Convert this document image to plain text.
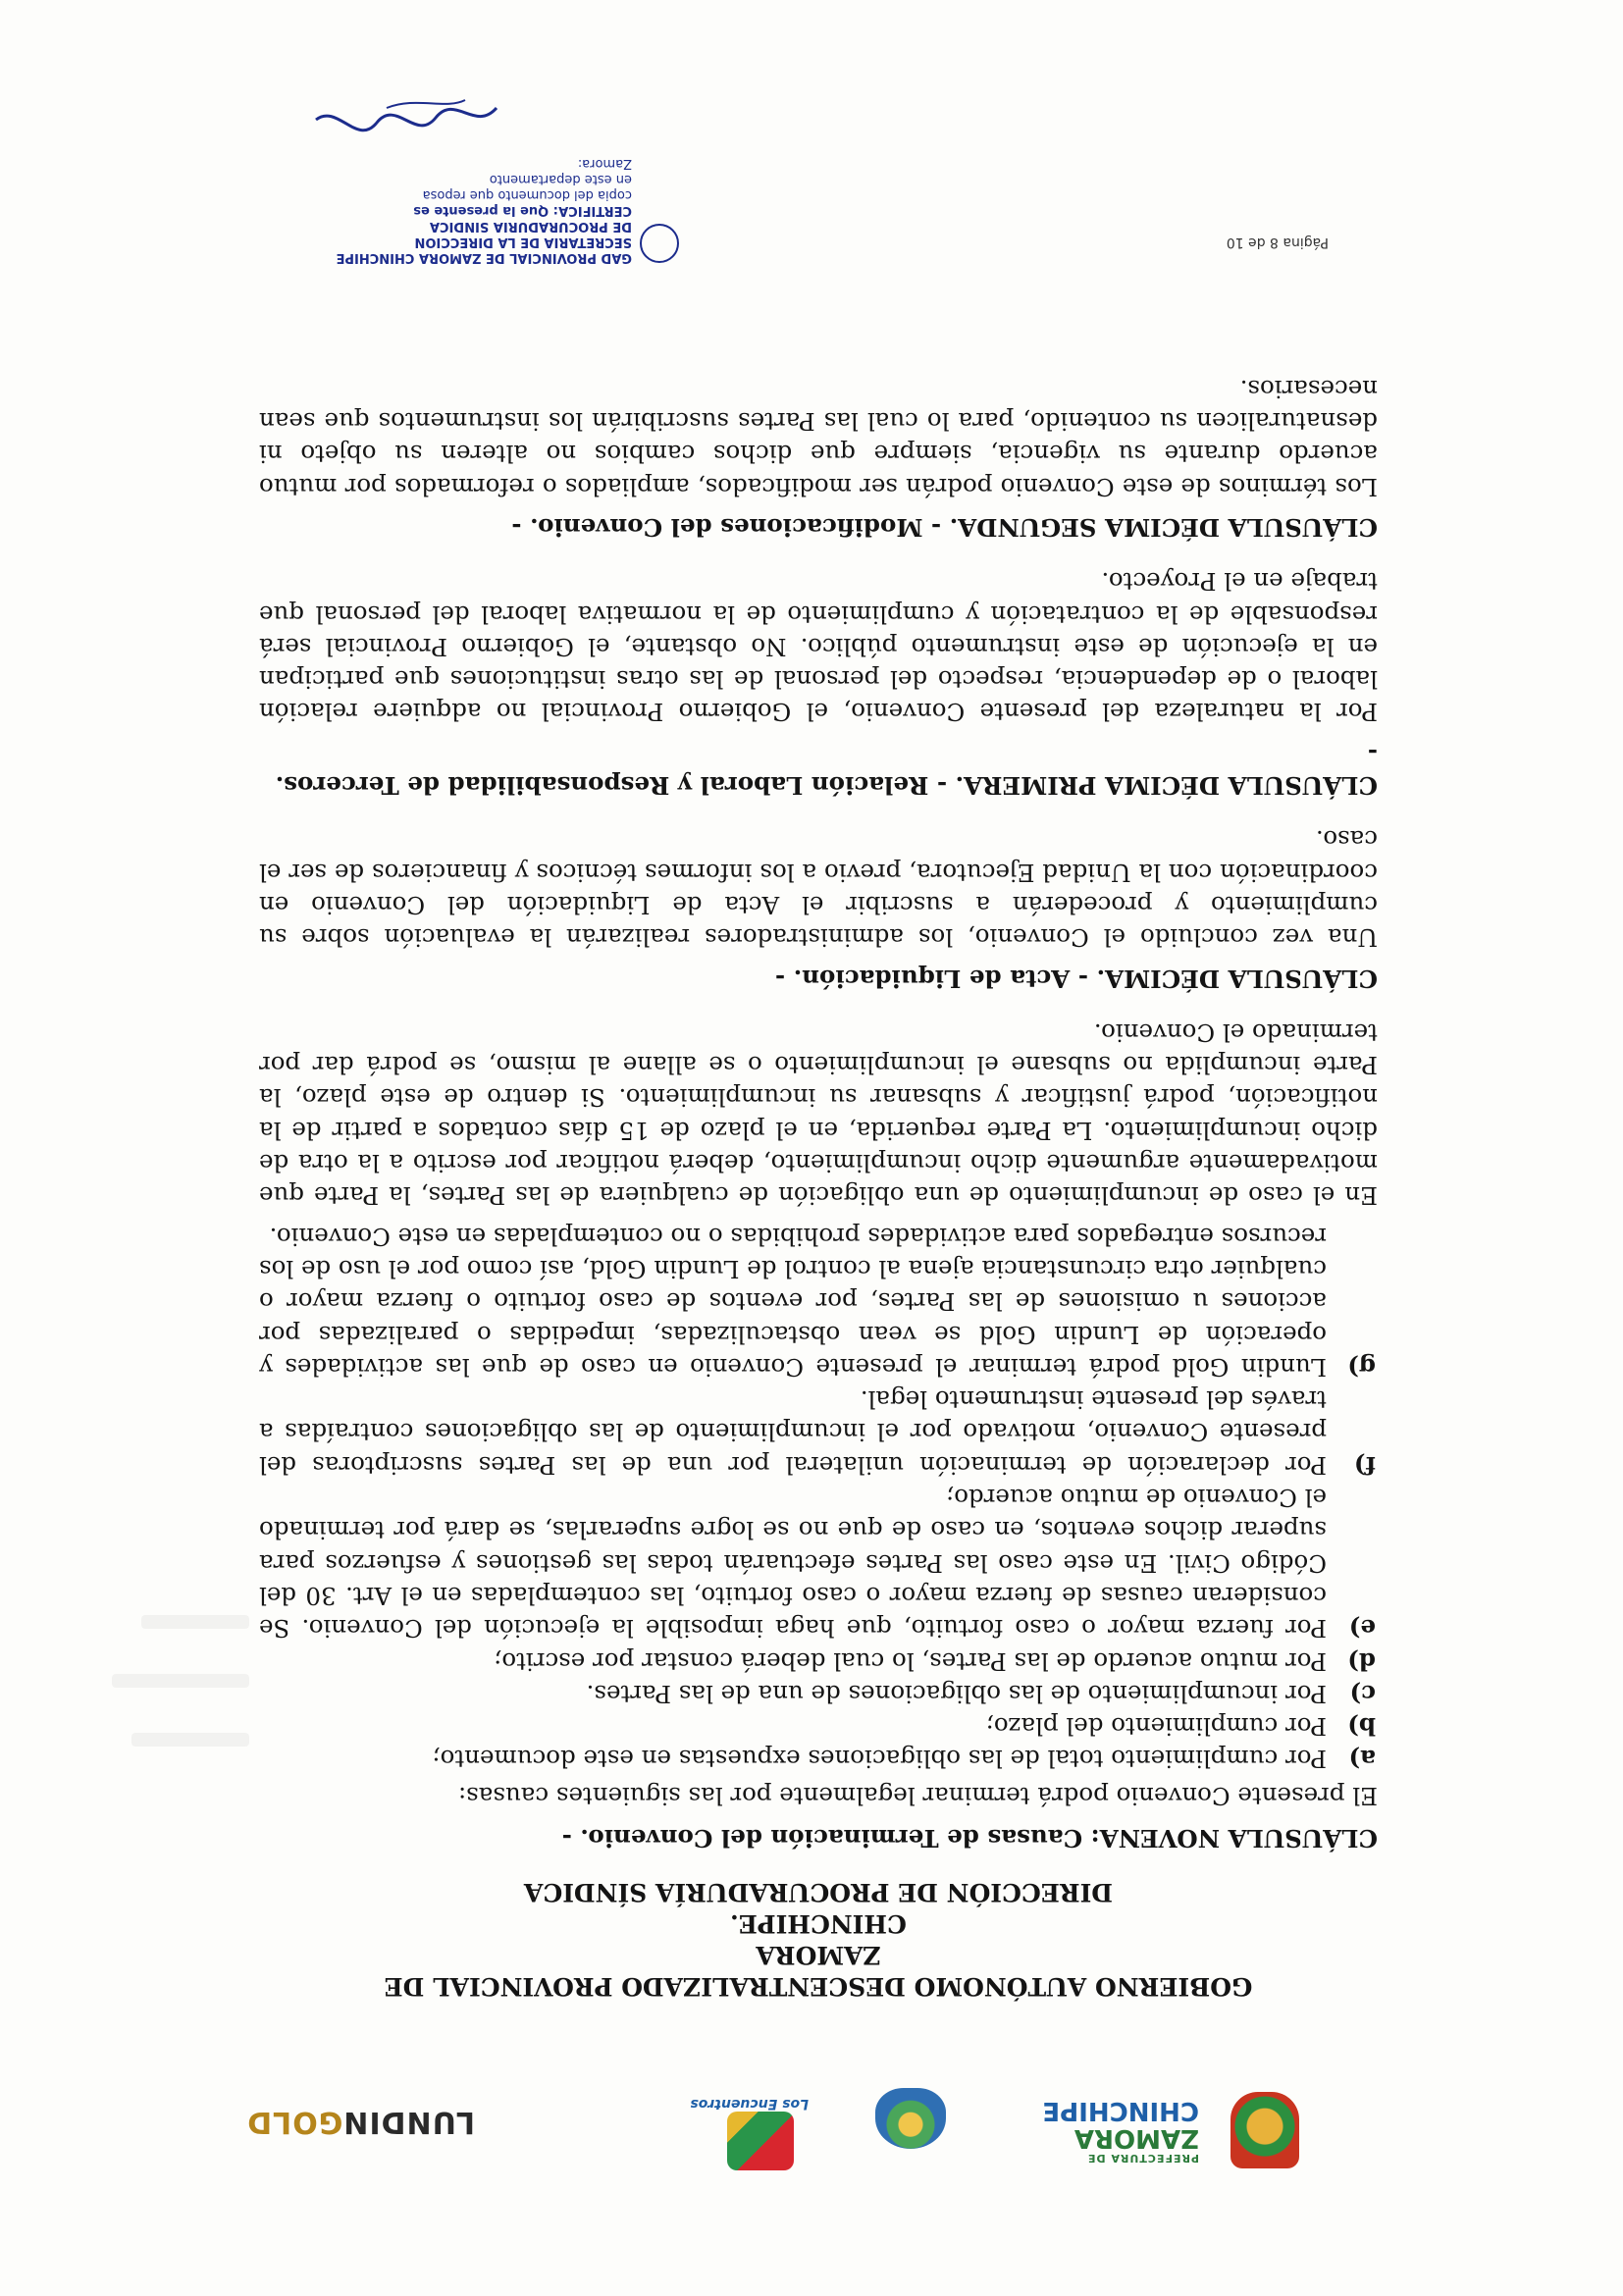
PREFECTURA DE
ZAMORA
CHINCHIPE
Los Encuentros
LUNDINGOLD
GOBIERNO AUTÓNOMO DESCENTRALIZADO PROVINCIAL DE ZAMORA
CHINCHIPE.
DIRECCIÓN DE PROCURADURÍA SÍNDICA
CLÁUSULA NOVENA: Causas de Terminación del Convenio. -

El presente Convenio podrá terminar legalmente por las siguientes causas:

a)
Por cumplimiento total de las obligaciones expuestas en este documento;
b)
Por cumplimiento del plazo;
c)
Por incumplimiento de las obligaciones de una de las Partes.
d)
Por mutuo acuerdo de las Partes, lo cual deberá constar por escrito;
e)
Por fuerza mayor o caso fortuito, que haga imposible la ejecución del Convenio. Se consideran causas de fuerza mayor o caso fortuito, las contempladas en el Art. 30 del Código Civil. En este caso las Partes efectuarán todas las gestiones y esfuerzos para superar dichos eventos, en caso de que no se logre superarlas, se dará por terminado el Convenio de mutuo acuerdo;
f)
Por declaración de terminación unilateral por una de las Partes suscriptoras del presente Convenio, motivado por el incumplimiento de las obligaciones contraídas a través del presente instrumento legal.
g)
Lundin Gold podrá terminar el presente Convenio en caso de que las actividades y operación de Lundin Gold se vean obstaculizadas, impedidas o paralizadas por acciones u omisiones de las Partes, por eventos de caso fortuito o fuerza mayor o cualquier otra circunstancia ajena al control de Lundin Gold, así como por el uso de los recursos entregados para actividades prohibidas o no contempladas en este Convenio.

En el caso de incumplimiento de una obligación de cualquiera de las Partes, la Parte que motivadamente argumente dicho incumplimiento, deberá notificar por escrito a la otra de dicho incumplimiento. La Parte requerida, en el plazo de 15 días contados a partir de la notificación, podrá justificar y subsanar su incumplimiento. Si dentro de este plazo, la Parte incumplida no subsane el incumplimiento o se allane al mismo, se podrá dar por terminado el Convenio.

CLÁUSULA DÉCIMA. - Acta de Liquidación. -

Una vez concluido el Convenio, los administradores realizarán la evaluación sobre su cumplimiento y procederán a suscribir el Acta de Liquidación del Convenio en coordinación con la Unidad Ejecutora, previo a los informes técnicos y financieros de ser el caso.

CLÁUSULA DÉCIMA PRIMERA. - Relación Laboral y Responsabilidad de Terceros. -

Por la naturaleza del presente Convenio, el Gobierno Provincial no adquiere relación laboral o de dependencia, respecto del personal de las otras instituciones que participan en la ejecución de este instrumento público. No obstante, el Gobierno Provincial será responsable de la contratación y cumplimiento de la normativa laboral del personal que trabaje en el Proyecto.

CLÁUSULA DÉCIMA SEGUNDA. - Modificaciones del Convenio. -

Los términos de este Convenio podrán ser modificados, ampliados o reformados por mutuo acuerdo durante su vigencia, siempre que dichos cambios no alteren su objeto ni desnaturalicen su contenido, para lo cual las Partes suscribirán los instrumentos que sean necesarios.

Página 8 de 10
GAD PROVINCIAL DE ZAMORA CHINCHIPE
SECRETARIA DE LA DIRECCION
DE PROCURADURIA SINDICA
CERTIFICA: Que la presente es
copia del documento que reposa
en este departamento
Zamora:
